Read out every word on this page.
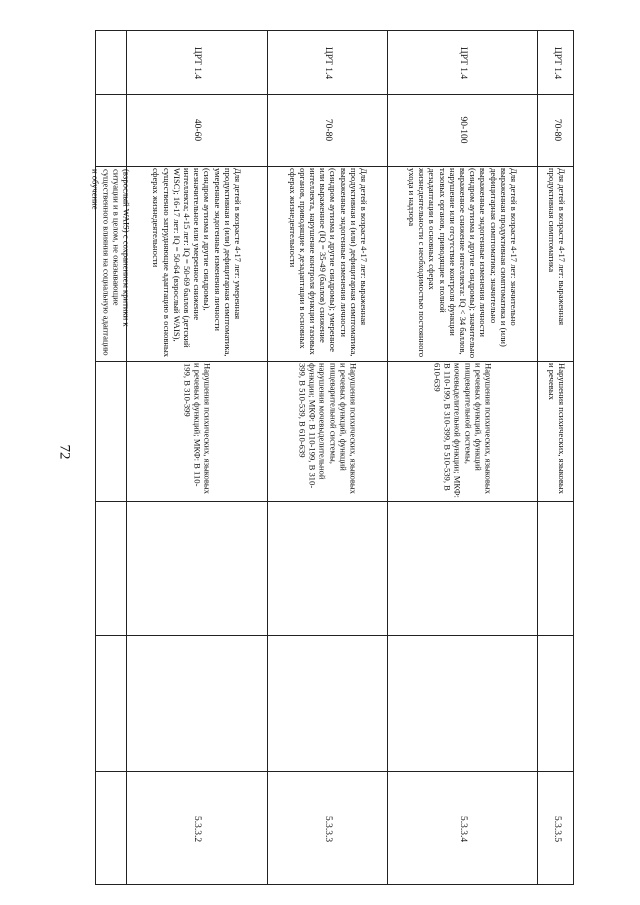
72

(взрослый WAIS) с сохранением критики к ситуации и в целом, не оказывающие существенного влияния на социальную адаптацию и обучение

ЦРТ 1.4
40-60

Для детей в возрасте 4-17 лет: умеренная продуктивная и (или) дефицитарная симптоматика, умеренные эндогенные изменения личности (синдром аутизма и другие синдромы), незначительное или умеренное снижение интеллекта; 4-15 лет: IQ = 50-69 баллов (детский WISC); 16-17 лет: IQ = 50-64 (взрослый WAIS), существенно затрудняющие адаптацию в основных сферах жизнедеятельности

Нарушения психических, языковых и речевых функций; МКФ: B 110-199, B 310-399

5.3.3.2
ЦРТ 1.4
70-80

Для детей в возрасте 4-17 лет: выраженная продуктивная и (или) дефицитарная симптоматика, выраженные эндогенные изменения личности (синдром аутизма и другие синдромы); умеренное или выраженное (IQ = 35-49 (баллов) снижение интеллекта, нарушение контроля функции тазовых органов, приводящие к дезадаптации в основных сферах жизнедеятельности

Нарушения психических, языковых и речевых функций, функций пищеварительной системы, нарушения мочевыделительной функции; МКФ: B 110-199, B 310-399, B 510-539, B 610-639

5.3.3.3
ЦРТ 1.4
90-100

Для детей в возрасте 4-17 лет: значительно выраженная продуктивная симптоматика и (или) дефицитарная симптоматика; значительно выраженные эндогенные изменения личности (синдром аутизма и другие синдромы); значительно выраженное снижение интеллекта: IQ < 34 баллов, нарушение или отсутствие контроля функции тазовых органов, приводящие к полной дезадаптации в основных сферах жизнедеятельности с необходимостью постоянного ухода и надзора

Нарушения психических, языковых и речевых функций, функций пищеварительной системы, мочевыделительной функции; МКФ: B 110-199, B 310-399, B 510-539, B 610-639

5.3.3.4
ЦРТ 1.4
70-80

Для детей в возрасте 4-17 лет: выраженная продуктивная симптоматика

Нарушения психических, языковых и речевых

5.3.3.5
